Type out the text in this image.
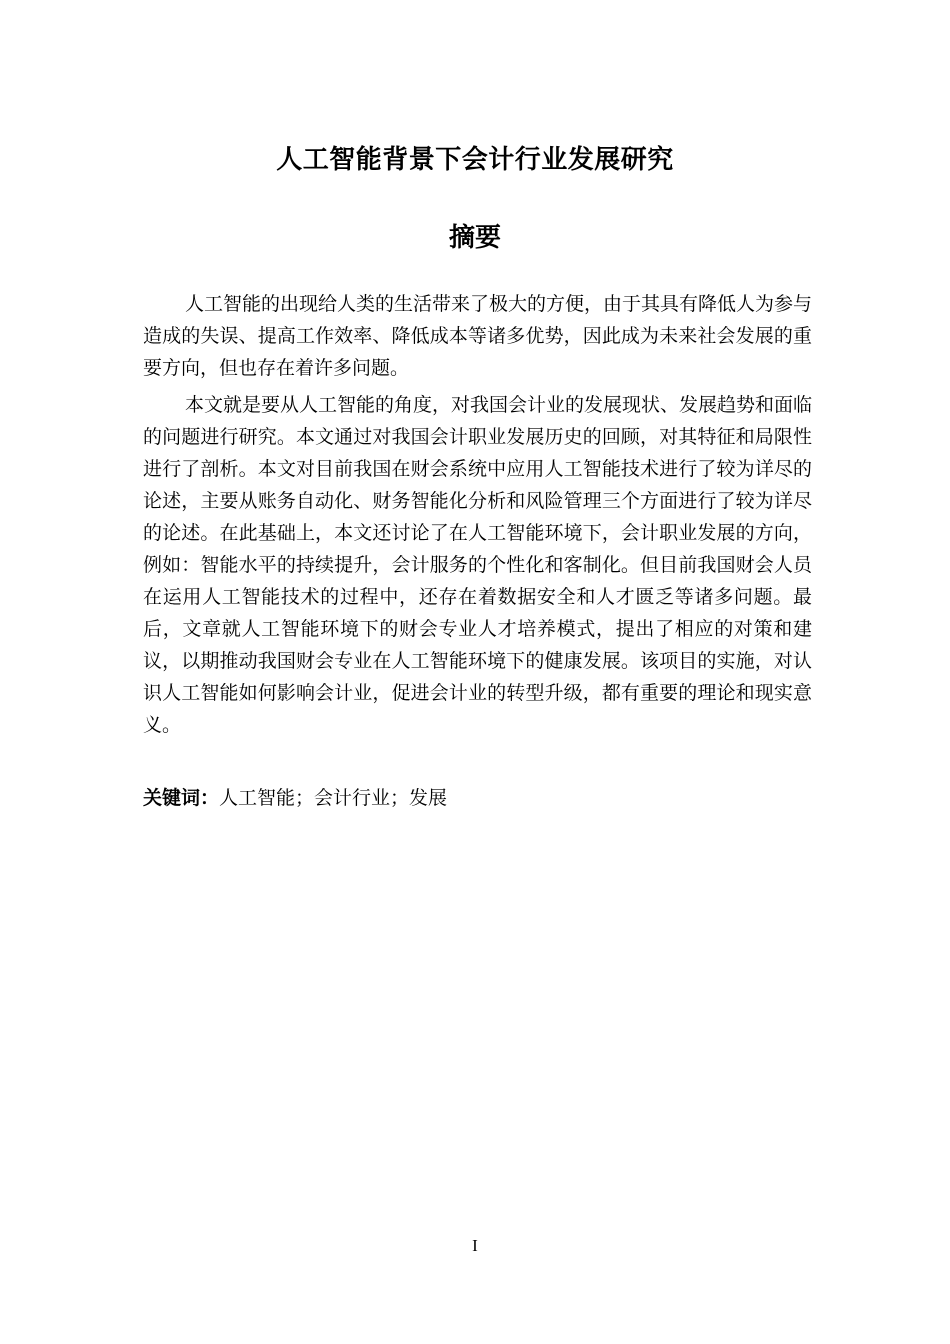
人工智能背景下会计行业发展研究
摘要

人工智能的出现给人类的生活带来了极大的方便，由于其具有降低人为参与 造成的失误、提高工作效率、降低成本等诸多优势，因此成为未来社会发展的重 要方向，但也存在着许多问题。

本文就是要从人工智能的角度，对我国会计业的发展现状、发展趋势和面临的问题进行研究。本文通过对我国会计职业发展历史的回顾，对其特征和局限性进行了剖析。本文对目前我国在财会系统中应用人工智能技术进行了较为详尽的论述，主要从账务自动化、财务智能化分析和风险管理三个方面进行了较为详尽的论述。在此基础上，本文还讨论了在人工智能环境下，会计职业发展的方向，例如：智能水平的持续提升，会计服务的个性化和客制化。但目前我国财会人员在运用人工智能技术的过程中，还存在着数据安全和人才匮乏等诸多问题。最后，文章就人工智能环境下的财会专业人才培养模式，提出了相应的对策和建议，以期推动我国财会专业在人工智能环境下的健康发展。该项目的实施，对认识人工智能如何影响会计业，促进会计业的转型升级，都有重要的理论和现实意义。

关键词：人工智能；会计行业；发展
I
